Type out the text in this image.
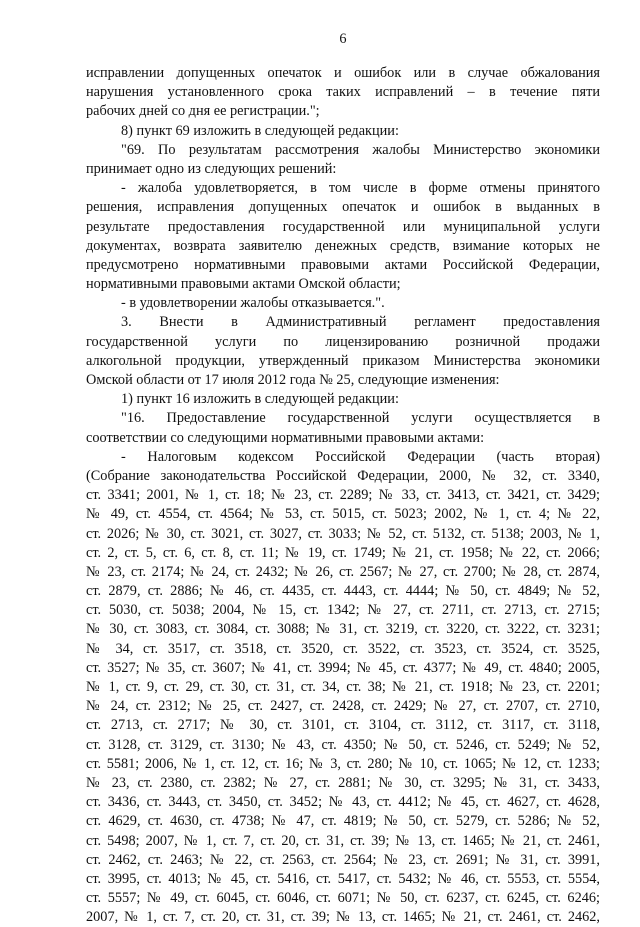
6
исправлении допущенных опечаток и ошибок или в случае обжалования
нарушения установленного срока таких исправлений – в течение пяти
рабочих дней со дня ее регистрации.";
8) пункт 69 изложить в следующей редакции:
"69. По результатам рассмотрения жалобы Министерство экономики
принимает одно из следующих решений:
- жалоба удовлетворяется, в том числе в форме отмены принятого
решения, исправления допущенных опечаток и ошибок в выданных в
результате предоставления государственной или муниципальной услуги
документах, возврата заявителю денежных средств, взимание которых не
предусмотрено нормативными правовыми актами Российской Федерации,
нормативными правовыми актами Омской области;
- в удовлетворении жалобы отказывается.".
3. Внести в Административный регламент предоставления
государственной услуги по лицензированию розничной продажи
алкогольной продукции, утвержденный приказом Министерства экономики
Омской области от 17 июля 2012 года № 25, следующие изменения:
1) пункт 16 изложить в следующей редакции:
"16. Предоставление государственной услуги осуществляется в
соответствии со следующими нормативными правовыми актами:
- Налоговым кодексом Российской Федерации (часть вторая)
(Собрание законодательства Российской Федерации, 2000, № 32, ст. 3340,
ст. 3341; 2001, № 1, ст. 18; № 23, ст. 2289; № 33, ст. 3413, ст. 3421, ст. 3429;
№ 49, ст. 4554, ст. 4564; № 53, ст. 5015, ст. 5023; 2002, № 1, ст. 4; № 22,
ст. 2026; № 30, ст. 3021, ст. 3027, ст. 3033; № 52, ст. 5132, ст. 5138; 2003, № 1,
ст. 2, ст. 5, ст. 6, ст. 8, ст. 11; № 19, ст. 1749; № 21, ст. 1958; № 22, ст. 2066;
№ 23, ст. 2174; № 24, ст. 2432; № 26, ст. 2567; № 27, ст. 2700; № 28, ст. 2874,
ст. 2879, ст. 2886; № 46, ст. 4435, ст. 4443, ст. 4444; № 50, ст. 4849; № 52,
ст. 5030, ст. 5038; 2004, № 15, ст. 1342; № 27, ст. 2711, ст. 2713, ст. 2715;
№ 30, ст. 3083, ст. 3084, ст. 3088; № 31, ст. 3219, ст. 3220, ст. 3222, ст. 3231;
№ 34, ст. 3517, ст. 3518, ст. 3520, ст. 3522, ст. 3523, ст. 3524, ст. 3525,
ст. 3527; № 35, ст. 3607; № 41, ст. 3994; № 45, ст. 4377; № 49, ст. 4840; 2005,
№ 1, ст. 9, ст. 29, ст. 30, ст. 31, ст. 34, ст. 38; № 21, ст. 1918; № 23, ст. 2201;
№ 24, ст. 2312; № 25, ст. 2427, ст. 2428, ст. 2429; № 27, ст. 2707, ст. 2710,
ст. 2713, ст. 2717; № 30, ст. 3101, ст. 3104, ст. 3112, ст. 3117, ст. 3118,
ст. 3128, ст. 3129, ст. 3130; № 43, ст. 4350; № 50, ст. 5246, ст. 5249; № 52,
ст. 5581; 2006, № 1, ст. 12, ст. 16; № 3, ст. 280; № 10, ст. 1065; № 12, ст. 1233;
№ 23, ст. 2380, ст. 2382; № 27, ст. 2881; № 30, ст. 3295; № 31, ст. 3433,
ст. 3436, ст. 3443, ст. 3450, ст. 3452; № 43, ст. 4412; № 45, ст. 4627, ст. 4628,
ст. 4629, ст. 4630, ст. 4738; № 47, ст. 4819; № 50, ст. 5279, ст. 5286; № 52,
ст. 5498; 2007, № 1, ст. 7, ст. 20, ст. 31, ст. 39; № 13, ст. 1465; № 21, ст. 2461,
ст. 2462, ст. 2463; № 22, ст. 2563, ст. 2564; № 23, ст. 2691; № 31, ст. 3991,
ст. 3995, ст. 4013; № 45, ст. 5416, ст. 5417, ст. 5432; № 46, ст. 5553, ст. 5554,
ст. 5557; № 49, ст. 6045, ст. 6046, ст. 6071; № 50, ст. 6237, ст. 6245, ст. 6246;
2007, № 1, ст. 7, ст. 20, ст. 31, ст. 39; № 13, ст. 1465; № 21, ст. 2461, ст. 2462,
